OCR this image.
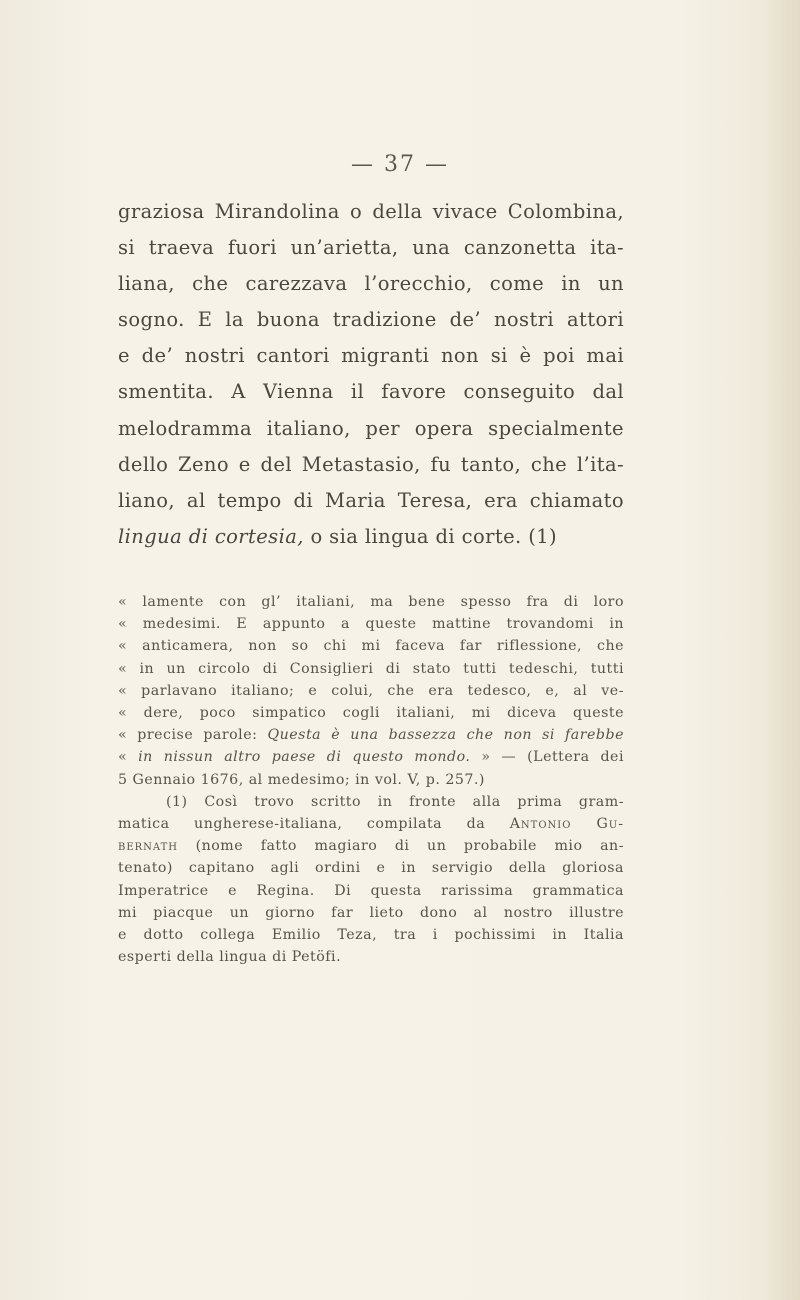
— 37 —
graziosa Mirandolina o della vivace Colombina,
si traeva fuori un’arietta, una canzonetta ita-
liana, che carezzava l’orecchio, come in un
sogno. E la buona tradizione de’ nostri attori
e de’ nostri cantori migranti non si è poi mai
smentita. A Vienna il favore conseguito dal
melodramma italiano, per opera specialmente
dello Zeno e del Metastasio, fu tanto, che l’ita-
liano, al tempo di Maria Teresa, era chiamato
lingua di cortesia, o sia lingua di corte. (1)
« lamente con gl’ italiani, ma bene spesso fra di loro
« medesimi. E appunto a queste mattine trovandomi in
« anticamera, non so chi mi faceva far riflessione, che
« in un circolo di Consiglieri di stato tutti tedeschi, tutti
« parlavano italiano; e colui, che era tedesco, e, al ve-
« dere, poco simpatico cogli italiani, mi diceva queste
« precise parole: Questa è una bassezza che non si farebbe
« in nissun altro paese di questo mondo. » — (Lettera dei
5 Gennaio 1676, al medesimo; in vol. V, p. 257.)
(1) Così trovo scritto in fronte alla prima gram-
matica ungherese-italiana, compilata da Antonio Gu-
bernath (nome fatto magiaro di un probabile mio an-
tenato) capitano agli ordini e in servigio della gloriosa
Imperatrice e Regina. Di questa rarissima grammatica
mi piacque un giorno far lieto dono al nostro illustre
e dotto collega Emilio Teza, tra i pochissimi in Italia
esperti della lingua di Petöfi.
